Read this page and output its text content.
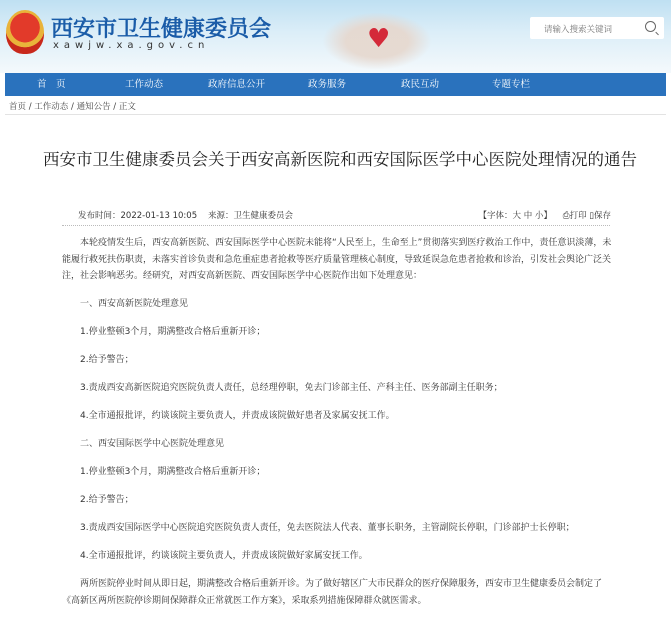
西安市卫生健康委员会
xawjw.xa.gov.cn	♥
请输入搜索关键词
首　页	工作动态	政府信息公开	政务服务	政民互动	专题专栏
首页 / 工作动态 / 通知公告 / 正文
西安市卫生健康委员会关于西安高新医院和西安国际医学中心医院处理情况的通告
发布时间：2022-01-13 10:05 来源：卫生健康委员会	【字体：大 中 小】 ⎙打印 ▯保存

本轮疫情发生后，西安高新医院、西安国际医学中心医院未能将“人民至上，生命至上”贯彻落实到医疗救治工作中，责任意识淡薄，未能履行救死扶伤职责，未落实首诊负责和急危重症患者抢救等医疗质量管理核心制度，导致延误急危患者抢救和诊治，引发社会舆论广泛关注，社会影响恶劣。经研究，对西安高新医院、西安国际医学中心医院作出如下处理意见：

一、西安高新医院处理意见

1.停业整顿3个月，期满整改合格后重新开诊；

2.给予警告；

3.责成西安高新医院追究医院负责人责任，总经理停职，免去门诊部主任、产科主任、医务部副主任职务；

4.全市通报批评，约谈该院主要负责人，并责成该院做好患者及家属安抚工作。

二、西安国际医学中心医院处理意见

1.停业整顿3个月，期满整改合格后重新开诊；

2.给予警告；

3.责成西安国际医学中心医院追究医院负责人责任，免去医院法人代表、董事长职务，主管副院长停职，门诊部护士长停职；

4.全市通报批评，约谈该院主要负责人，并责成该院做好家属安抚工作。

两所医院停业时间从即日起，期满整改合格后重新开诊。为了做好辖区广大市民群众的医疗保障服务，西安市卫生健康委员会制定了《高新区两所医院停诊期间保障群众正常就医工作方案》，采取系列措施保障群众就医需求。
